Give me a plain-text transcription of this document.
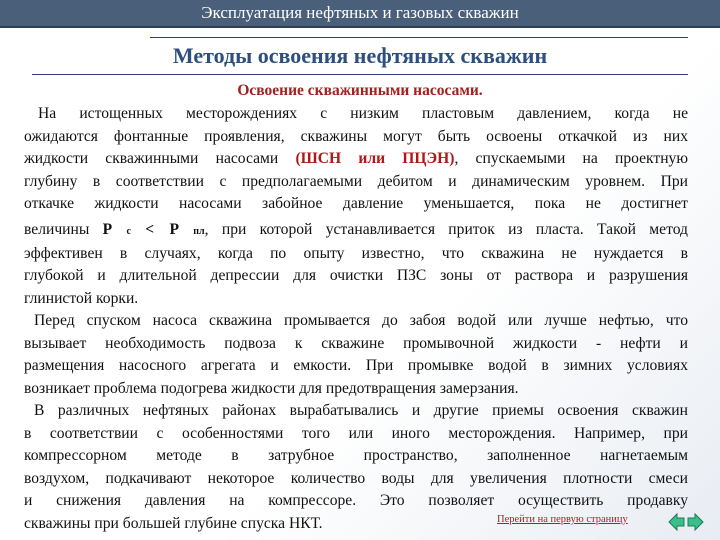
Эксплуатация нефтяных и газовых скважин
Методы освоения нефтяных скважин
Освоение скважинными насосами.
На истощенных месторождениях с низким пластовым давлением, когда не
ожидаются фонтанные проявления, скважины могут быть освоены откачкой из них
жидкости скважинными насосами (ШСН или ПЦЭН), спускаемыми на проектную
глубину в соответствии с предполагаемыми дебитом и динамическим уровнем. При
откачке жидкости насосами забойное давление уменьшается, пока не достигнет
величины Р с < Р пл, при которой устанавливается приток из пласта. Такой метод
эффективен в случаях, когда по опыту известно, что скважина не нуждается в
глубокой и длительной депрессии для очистки ПЗС зоны от раствора и разрушения
глинистой корки.
Перед спуском насоса скважина промывается до забоя водой или лучше нефтью, что
вызывает необходимость подвоза к скважине промывочной жидкости - нефти и
размещения насосного агрегата и емкости. При промывке водой в зимних условиях
возникает проблема подогрева жидкости для предотвращения замерзания.
В различных нефтяных районах вырабатывались и другие приемы освоения скважин
в соответствии с особенностями того или иного месторождения. Например, при
компрессорном методе в затрубное пространство, заполненное нагнетаемым
воздухом, подкачивают некоторое количество воды для увеличения плотности смеси
и снижения давления на компрессоре. Это позволяет осуществить продавку
скважины при большей глубине спуска НКТ.	Перейти на первую страницу
